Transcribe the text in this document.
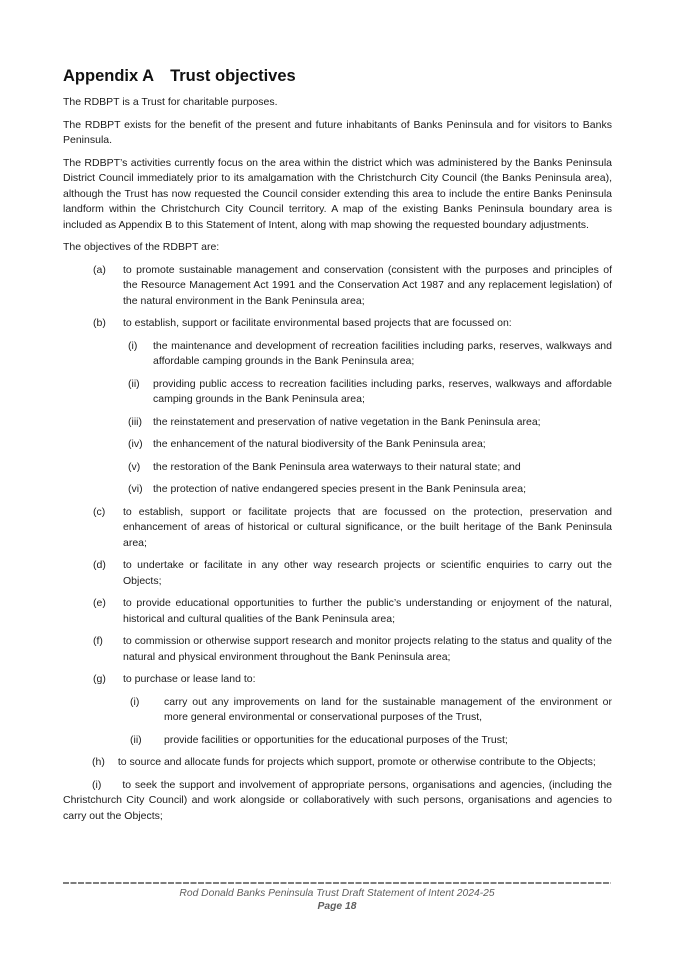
Appendix A Trust objectives

The RDBPT is a Trust for charitable purposes.

The RDBPT exists for the benefit of the present and future inhabitants of Banks Peninsula and for visitors to Banks Peninsula.

The RDBPT’s activities currently focus on the area within the district which was administered by the Banks Peninsula District Council immediately prior to its amalgamation with the Christchurch City Council (the Banks Peninsula area), although the Trust has now requested the Council consider extending this area to include the entire Banks Peninsula landform within the Christchurch City Council territory. A map of the existing Banks Peninsula boundary area is included as Appendix B to this Statement of Intent, along with map showing the requested boundary adjustments.

The objectives of the RDBPT are:

(a) to promote sustainable management and conservation (consistent with the purposes and principles of the Resource Management Act 1991 and the Conservation Act 1987 and any replacement legislation) of the natural environment in the Bank Peninsula area;
(b) to establish, support or facilitate environmental based projects that are focussed on:
(i) the maintenance and development of recreation facilities including parks, reserves, walkways and affordable camping grounds in the Bank Peninsula area;
(ii) providing public access to recreation facilities including parks, reserves, walkways and affordable camping grounds in the Bank Peninsula area;
(iii) the reinstatement and preservation of native vegetation in the Bank Peninsula area;
(iv) the enhancement of the natural biodiversity of the Bank Peninsula area;
(v) the restoration of the Bank Peninsula area waterways to their natural state; and
(vi) the protection of native endangered species present in the Bank Peninsula area;
(c) to establish, support or facilitate projects that are focussed on the protection, preservation and enhancement of areas of historical or cultural significance, or the built heritage of the Bank Peninsula area;
(d) to undertake or facilitate in any other way research projects or scientific enquiries to carry out the Objects;
(e) to provide educational opportunities to further the public’s understanding or enjoyment of the natural, historical and cultural qualities of the Bank Peninsula area;
(f) to commission or otherwise support research and monitor projects relating to the status and quality of the natural and physical environment throughout the Bank Peninsula area;
(g) to purchase or lease land to:
(i) carry out any improvements on land for the sustainable management of the environment or more general environmental or conservational purposes of the Trust,
(ii) provide facilities or opportunities for the educational purposes of the Trust;

(h) to source and allocate funds for projects which support, promote or otherwise contribute to the Objects;

(i) to seek the support and involvement of appropriate persons, organisations and agencies, (including the Christchurch City Council) and work alongside or collaboratively with such persons, organisations and agencies to carry out the Objects;

Rod Donald Banks Peninsula Trust Draft Statement of Intent 2024-25
Page 18
